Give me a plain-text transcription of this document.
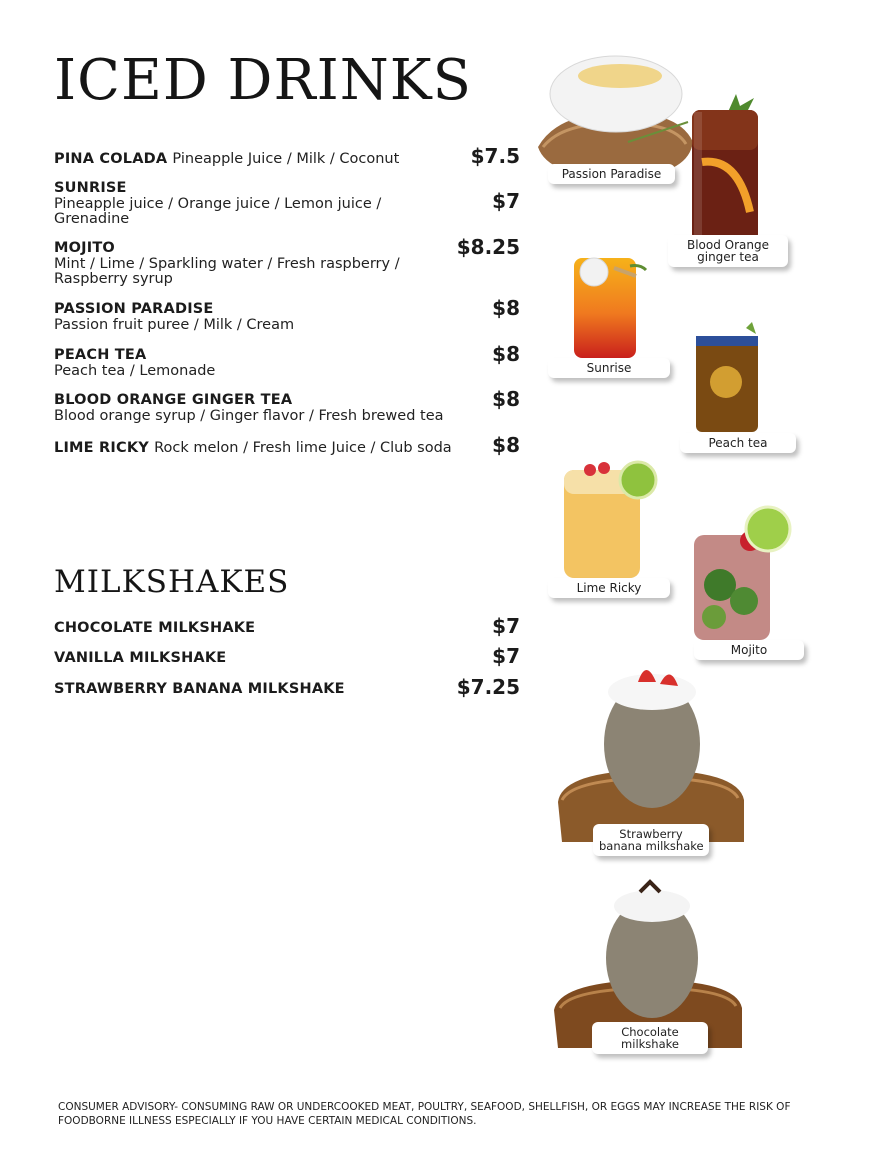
ICED DRINKS
PINA COLADA Pineapple Juice / Milk / Coconut	$7.5
SUNRISE
Pineapple juice / Orange juice / Lemon juice / Grenadine
$7
MOJITO
Mint / Lime / Sparkling water / Fresh raspberry / Raspberry syrup
$8.25
PASSION PARADISE
Passion fruit puree / Milk / Cream
$8
PEACH TEA
Peach tea / Lemonade
$8
BLOOD ORANGE GINGER TEA
Blood orange syrup / Ginger flavor / Fresh brewed tea
$8
LIME RICKY Rock melon / Fresh lime Juice / Club soda	$8
MILKSHAKES
CHOCOLATE MILKSHAKE	$7
VANILLA MILKSHAKE	$7
STRAWBERRY BANANA MILKSHAKE	$7.25
Passion Paradise
Blood Orange
ginger tea
Sunrise
Peach tea
Lime Ricky
Mojito
Strawberry
banana milkshake
Chocolate
milkshake
CONSUMER ADVISORY- CONSUMING RAW OR UNDERCOOKED MEAT, POULTRY, SEAFOOD, SHELLFISH, OR EGGS MAY INCREASE THE RISK OF FOODBORNE ILLNESS ESPECIALLY IF YOU HAVE CERTAIN MEDICAL CONDITIONS.
